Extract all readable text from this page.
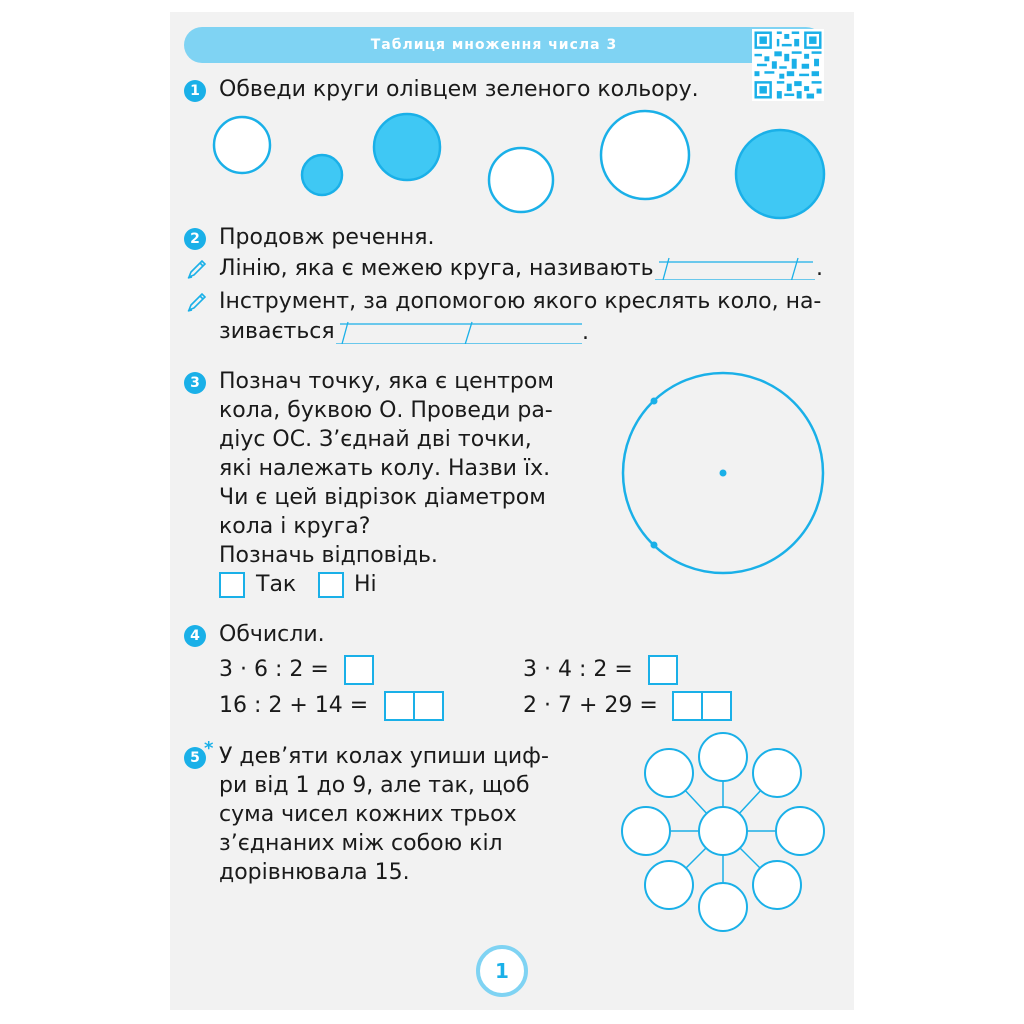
Таблиця множення числа 3
1 Обведи круги олівцем зеленого кольору.
2 Продовж речення.
Лінію, яка є межею круга, називають	.
Інструмент, за допомогою якого креслять коло, на-
зивається	.
3 Познач точку, яка є центром
кола, буквою О. Проведи ра-
діус ОС. З’єднай дві точки,
які належать колу. Назви їх.
Чи є цей відрізок діаметром
кола і круга?
Позначь відповідь.
Так	Ні
4 Обчисли.
3 · 6 : 2 =	3 · 4 : 2 =
16 : 2 + 14 =	2 · 7 + 29 =
5 * У дев’яти колах упиши циф-
ри від 1 до 9, але так, щоб
сума чисел кожних трьох
з’єднаних між собою кіл
дорівнювала 15.
1
